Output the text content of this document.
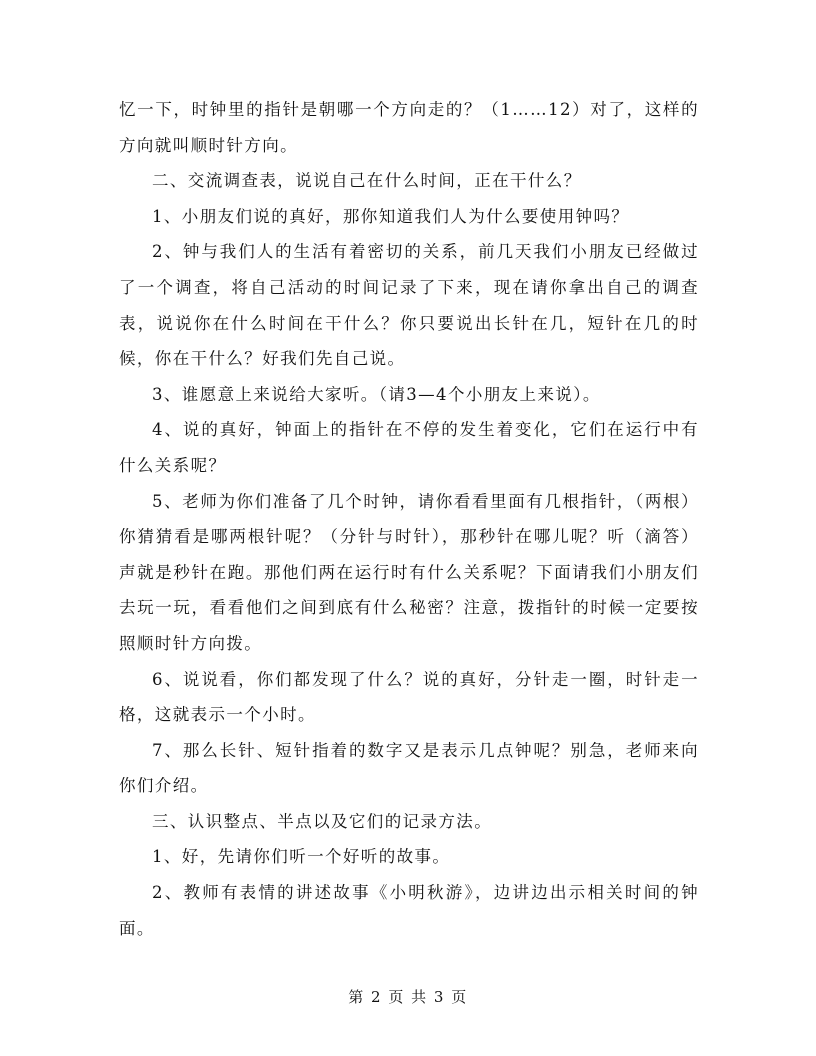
忆一下，时钟里的指针是朝哪一个方向走的？（1……12）对了，这样的方向就叫顺时针方向。

二、交流调查表，说说自己在什么时间，正在干什么？

1、小朋友们说的真好，那你知道我们人为什么要使用钟吗？

2、钟与我们人的生活有着密切的关系，前几天我们小朋友已经做过了一个调查，将自己活动的时间记录了下来，现在请你拿出自己的调查表，说说你在什么时间在干什么？你只要说出长针在几，短针在几的时候，你在干什么？好我们先自己说。

3、谁愿意上来说给大家听。（请3—4个小朋友上来说）。

4、说的真好，钟面上的指针在不停的发生着变化，它们在运行中有什么关系呢？

5、老师为你们准备了几个时钟，请你看看里面有几根指针，（两根）你猜猜看是哪两根针呢？（分针与时针），那秒针在哪儿呢？听（滴答）声就是秒针在跑。那他们两在运行时有什么关系呢？下面请我们小朋友们去玩一玩，看看他们之间到底有什么秘密？注意，拨指针的时候一定要按照顺时针方向拨。

6、说说看，你们都发现了什么？说的真好，分针走一圈，时针走一格，这就表示一个小时。

7、那么长针、短针指着的数字又是表示几点钟呢？别急，老师来向你们介绍。

三、认识整点、半点以及它们的记录方法。

1、好，先请你们听一个好听的故事。

2、教师有表情的讲述故事《小明秋游》，边讲边出示相关时间的钟面。

第 2 页 共 3 页
